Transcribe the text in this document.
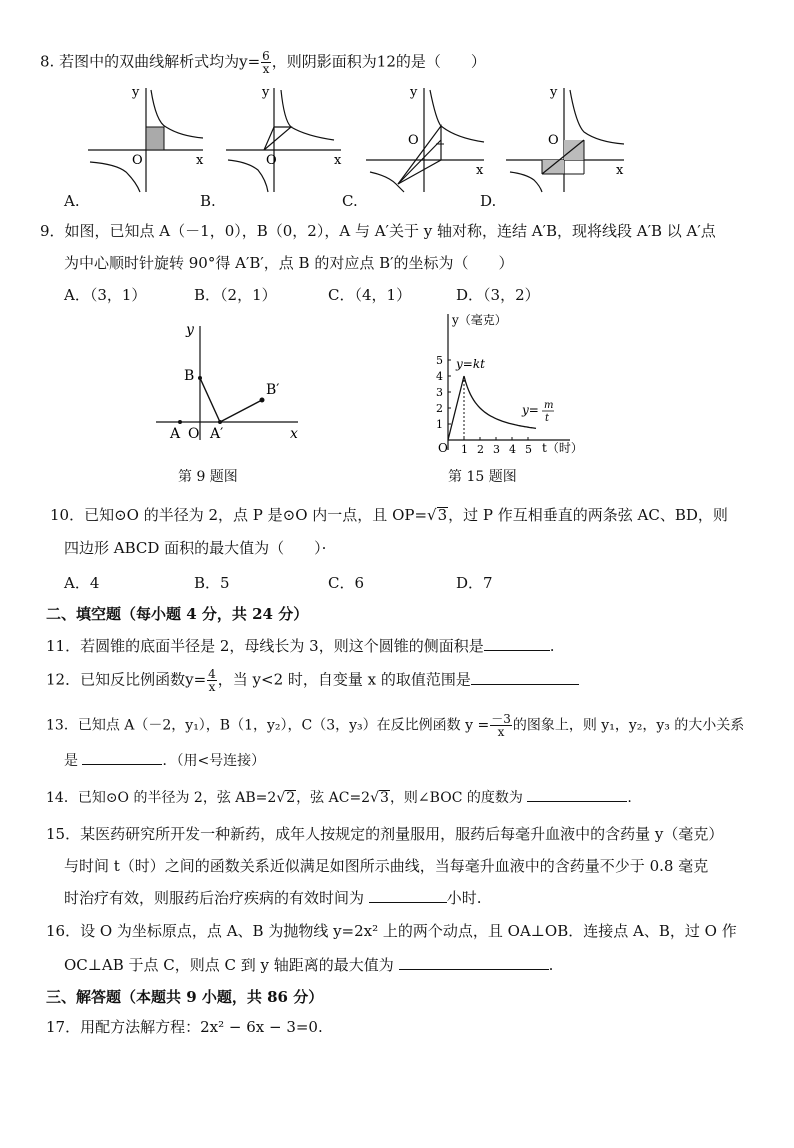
8. 若图中的双曲线解析式均为$y= \frac{6}{x}$ ，则阴影面积为12的是（　　）
y
x
O
y
x
O
y
x
O
y
x
O
A.	B.	C.	D.
9．如图，已知点 A（－1，0），B（0，2），A 与 A′关于 y 轴对称，连结 A′B，现将线段 A′B 以 A′点
为中心顺时针旋转 90°得 A′B′，点 B 的对应点 B′的坐标为（　　）
A．（3，1）	B．（2，1）	C．（4，1）	D．（3，2）
y
x
B
B′
A O A′
第 9 题图
1
2
3
4
5
1 2 3 4 5
y（毫克）
t（时）
y=kt
y= m
t
O
第 15 题图
10．已知⊙O 的半径为 2，点 P 是⊙O 内一点，且 OP=√3，过 P 作互相垂直的两条弦 AC、BD，则
四边形 ABCD 面积的最大值为（　　）·
A．4	B．5	C．6	D．7
二、填空题（每小题 4 分，共 24 分）
11．若圆锥的底面半径是 2，母线长为 3，则这个圆锥的侧面积是	.
12．已知反比例函数$y= \frac{4}{x}$ ，当 y<2 时，自变量 x 的取值范围是
13．已知点 A（－2，y₁），B（1，y₂），C（3，y₃）在反比例函数 $y = \frac{-3}{x}$ 的图象上，则 y₁，y₂，y₃ 的大小关系
是	．（用<号连接）
14．已知⊙O 的半径为 2，弦 AB=2√2，弦 AC=2√3，则∠BOC 的度数为	.
15．某医药研究所开发一种新药，成年人按规定的剂量服用，服药后每毫升血液中的含药量 y（毫克）
与时间 t（时）之间的函数关系近似满足如图所示曲线，当每毫升血液中的含药量不少于 0.8 毫克
时治疗有效，则服药后治疗疾病的有效时间为	小时.
16．设 O 为坐标原点，点 A、B 为抛物线 y=2x² 上的两个动点，且 OA⊥OB．连接点 A、B，过 O 作
OC⊥AB 于点 C，则点 C 到 y 轴距离的最大值为	.
三、解答题（本题共 9 小题，共 86 分）
17．用配方法解方程：2x² − 6x − 3=0.
